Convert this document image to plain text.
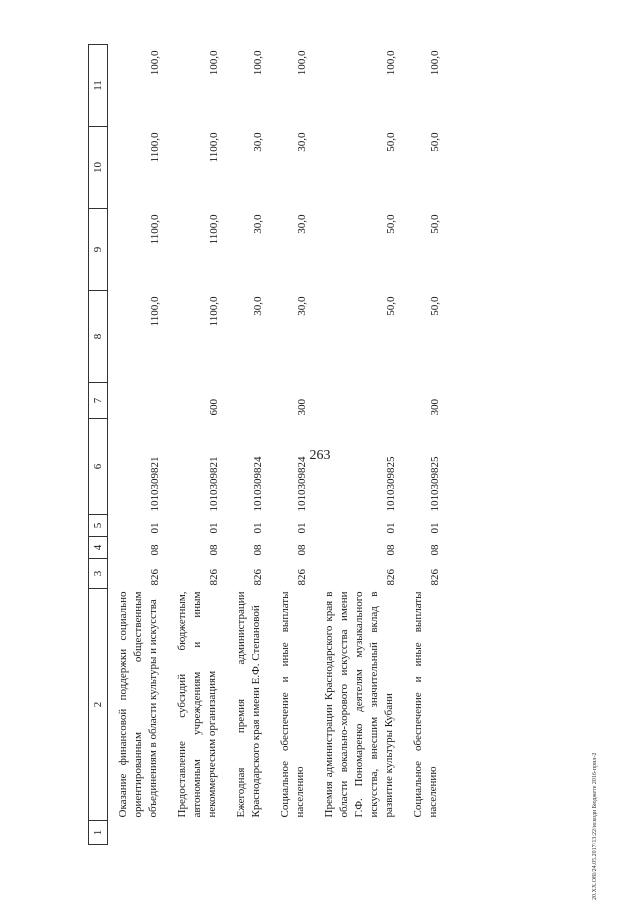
263
1	2	3	4	5	6	7	8	9	10	11
	Оказание финансовой поддержки социально ориентированным общественным объединениям в области культуры и искусства	826	08	01	1010309821		1100,0	1100,0	1100,0	100,0
	Предоставление субсидий бюджетным, автономным учреждениям и иным некоммерческим организациям	826	08	01	1010309821	600	1100,0	1100,0	1100,0	100,0
	Ежегодная премия администрации Краснодарского края имени Е.Ф. Степановой	826	08	01	1010309824		30,0	30,0	30,0	100,0
	Социальное обеспечение и иные выплаты населению	826	08	01	1010309824	300	30,0	30,0	30,0	100,0
	Премия администрации Краснодарского края в области вокально-хорового искусства имени Г.Ф. Пономаренко деятелям музыкального искусства, внесшим значительный вклад в развитие культуры Кубани	826	08	01	1010309825		50,0	50,0	50,0	100,0
	Социальное обеспечение и иные выплаты населению	826	08	01	1010309825	300	50,0	50,0	50,0	100,0
20.XX.O8I/24.05.2017/13:22/искоди Бюджете 2016-прил-2
